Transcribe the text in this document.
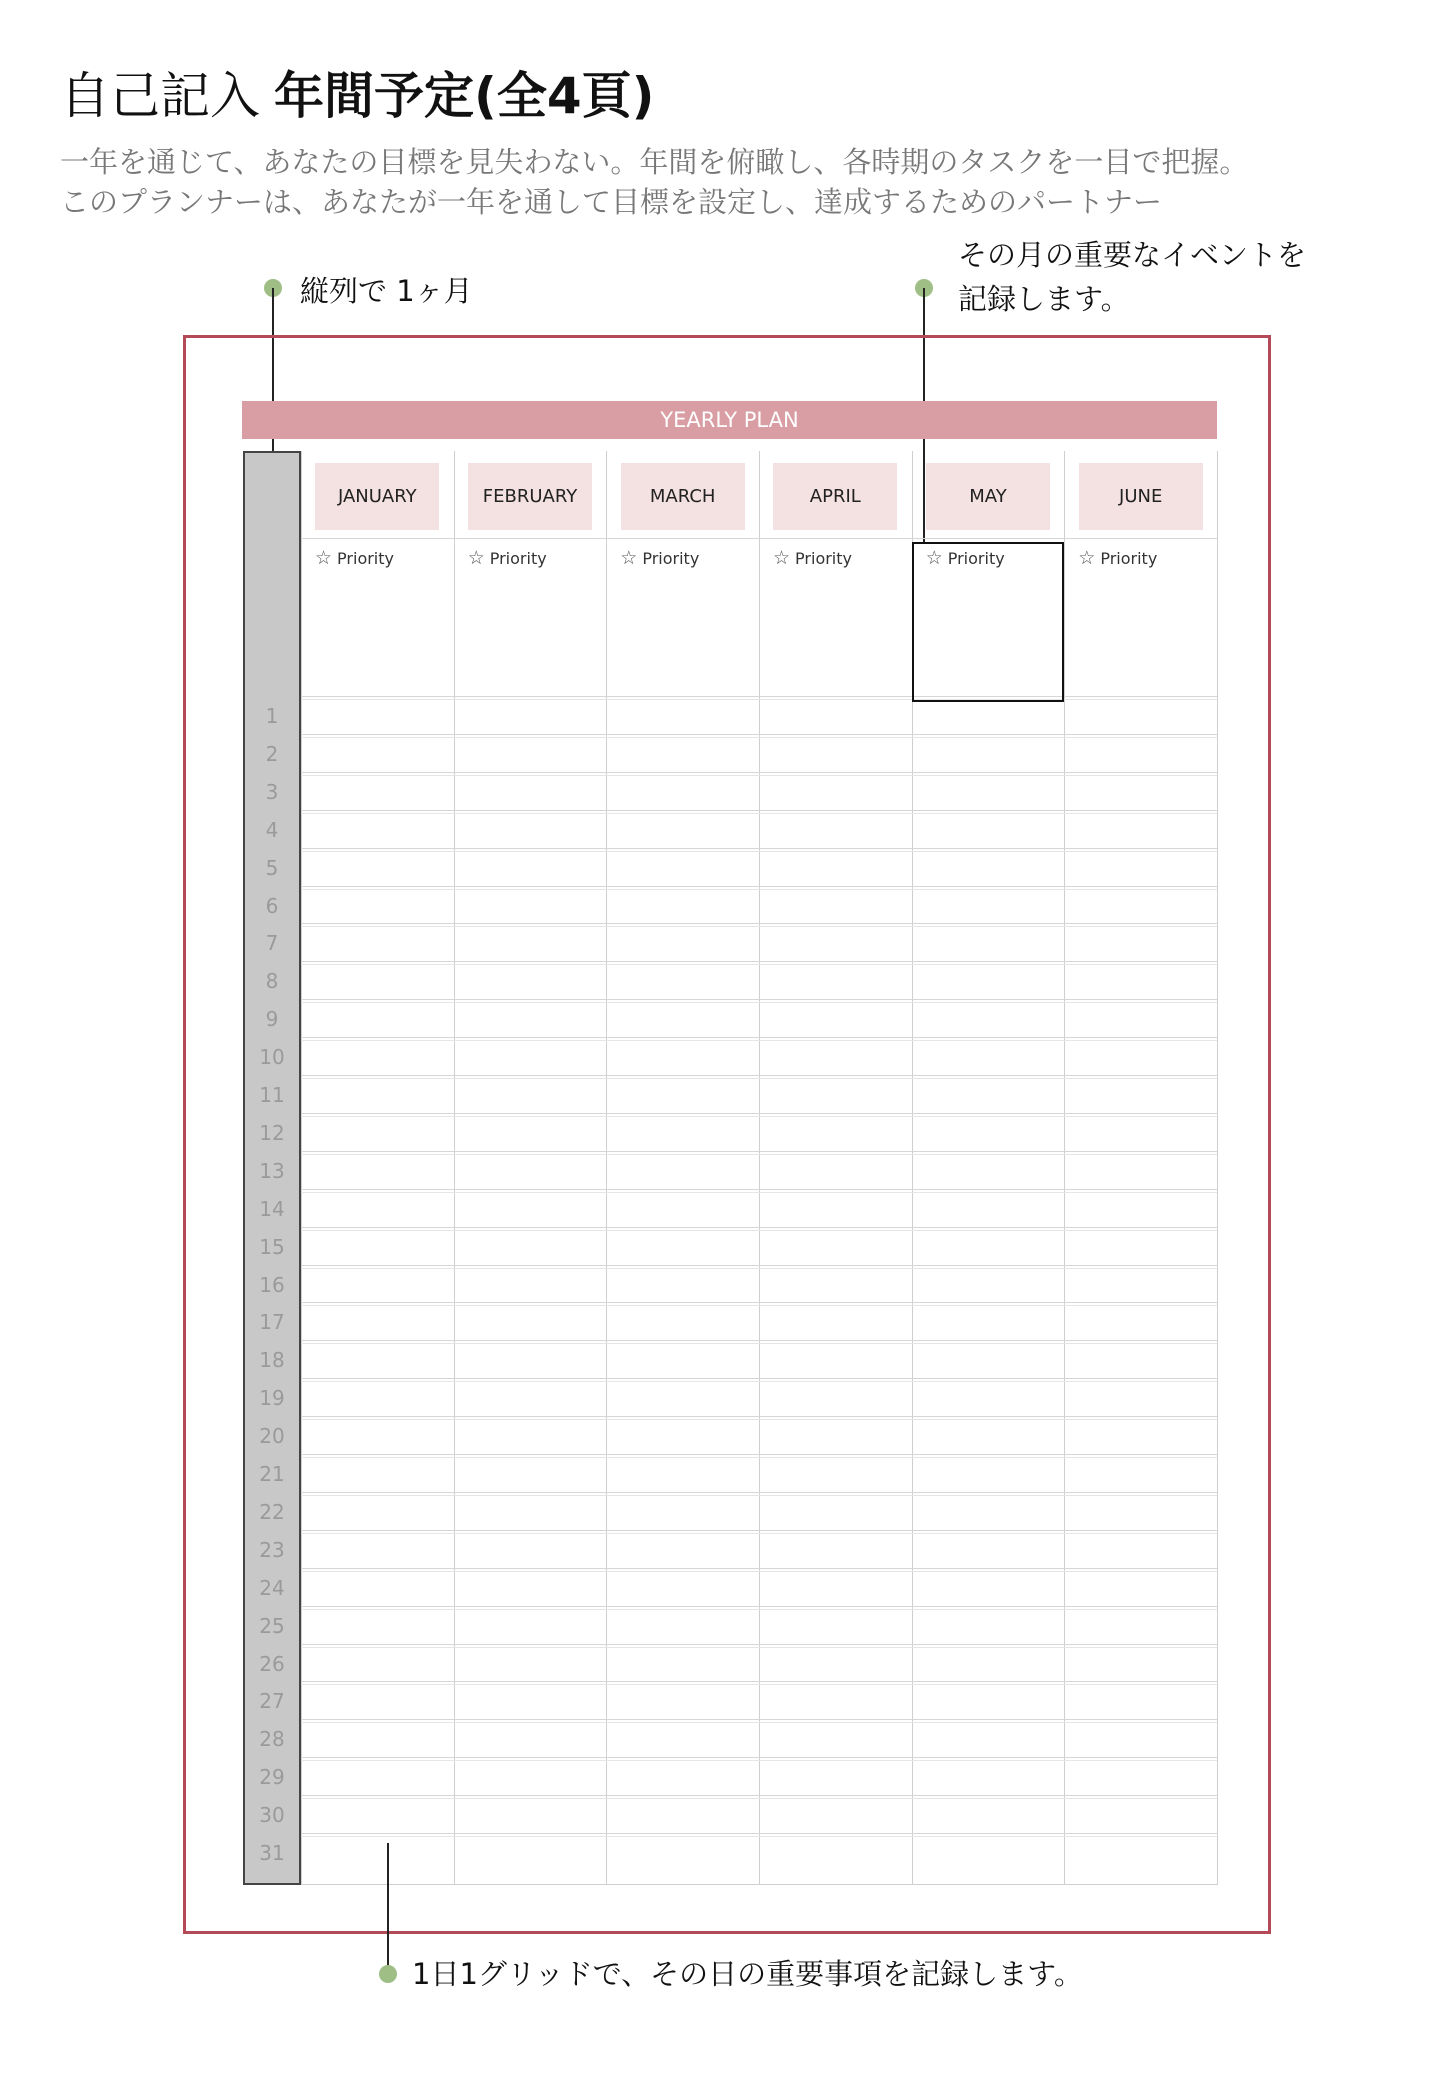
自己記入 年間予定(全4頁)
一年を通じて、あなたの目標を見失わない。年間を俯瞰し、各時期のタスクを一目で把握。
このプランナーは、あなたが一年を通して目標を設定し、達成するためのパートナー
縦列で 1ヶ月
その月の重要なイベントを
記録します。
YEARLY PLAN
JANUARY
☆ Priority
FEBRUARY
☆ Priority
MARCH
☆ Priority
APRIL
☆ Priority
MAY
☆ Priority
JUNE
☆ Priority
1
2
3
4
5
6
7
8
9
10
11
12
13
14
15
16
17
18
19
20
21
22
23
24
25
26
27
28
29
30
31
1日1グリッドで、その日の重要事項を記録します。
